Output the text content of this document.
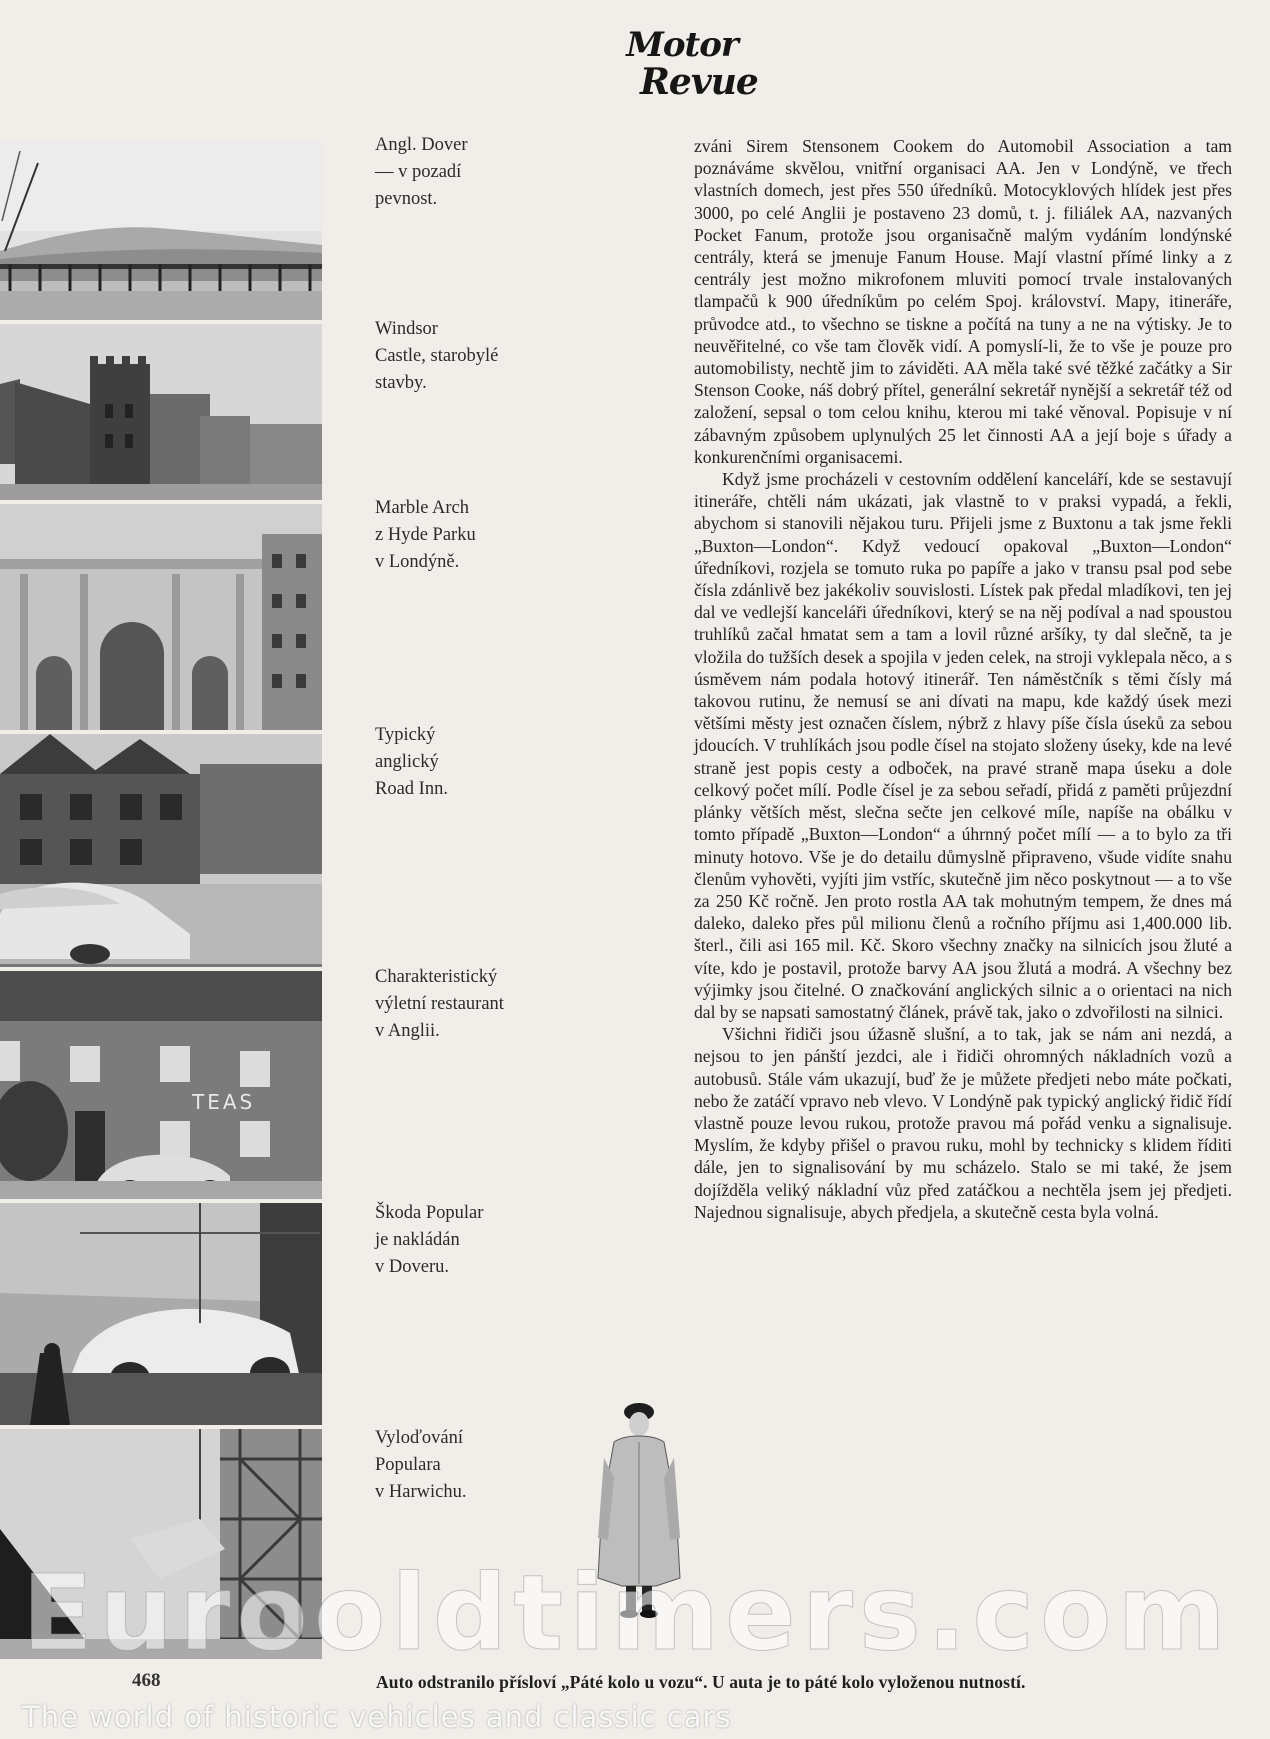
Motor
Revue
TEAS
Angl. Dover
— v pozadí
pevnost.
Windsor
Castle, starobylé
stavby.
Marble Arch
z Hyde Parku
v Londýně.
Typický
anglický
Road Inn.
Charakteristický
výletní restaurant
v Anglii.
Škoda Popular
je nakládán
v Doveru.
Vyloďování
Populara
v Harwichu.

zváni Sirem Stensonem Cookem do Automobil Association a tam poznáváme skvělou, vnitřní organisaci AA. Jen v Londýně, ve třech vlastních domech, jest přes 550 úředníků. Motocyklových hlídek jest přes 3000, po celé Anglii je postaveno 23 domů, t. j. filiálek AA, nazvaných Pocket Fanum, protože jsou organisačně malým vydáním londýnské centrály, která se jmenuje Fanum House. Mají vlastní přímé linky a z centrály jest možno mikrofonem mluviti pomocí trvale instalovaných tlampačů k 900 úředníkům po celém Spoj. království. Mapy, itineráře, průvodce atd., to všechno se tiskne a počítá na tuny a ne na výtisky. Je to neuvěřitelné, co vše tam člověk vidí. A pomyslí-li, že to vše je pouze pro automobilisty, nechtě jim to záviděti. AA měla také své těžké začátky a Sir Stenson Cooke, náš dobrý přítel, generální sekretář nynější a sekretář též od založení, sepsal o tom celou knihu, kterou mi také věnoval. Popisuje v ní zábavným způsobem uplynulých 25 let činnosti AA a její boje s úřady a konkurenčními organisacemi.

Když jsme procházeli v cestovním oddělení kanceláří, kde se sestavují itineráře, chtěli nám ukázati, jak vlastně to v praksi vypadá, a řekli, abychom si stanovili nějakou turu. Přijeli jsme z Buxtonu a tak jsme řekli „Buxton—London“. Když vedoucí opakoval „Buxton—London“ úředníkovi, rozjela se tomuto ruka po papíře a jako v transu psal pod sebe čísla zdánlivě bez jakékoliv souvislosti. Lístek pak předal mladíkovi, ten jej dal ve vedlejší kanceláři úředníkovi, který se na něj podíval a nad spoustou truhlíků začal hmatat sem a tam a lovil různé aršíky, ty dal slečně, ta je vložila do tužších desek a spojila v jeden celek, na stroji vyklepala něco, a s úsměvem nám podala hotový itinerář. Ten náměstčník s těmi čísly má takovou rutinu, že nemusí se ani dívati na mapu, kde každý úsek mezi většími městy jest označen číslem, nýbrž z hlavy píše čísla úseků za sebou jdoucích. V truhlíkách jsou podle čísel na stojato složeny úseky, kde na levé straně jest popis cesty a odboček, na pravé straně mapa úseku a dole celkový počet mílí. Podle čísel je za sebou seřadí, přidá z paměti průjezdní plánky větších měst, slečna sečte jen celkové míle, napíše na obálku v tomto případě „Buxton—London“ a úhrnný počet mílí — a to bylo za tři minuty hotovo. Vše je do detailu důmyslně připraveno, všude vidíte snahu členům vyhověti, vyjíti jim vstříc, skutečně jim něco poskytnout — a to vše za 250 Kč ročně. Jen proto rostla AA tak mohutným tempem, že dnes má daleko, daleko přes půl milionu členů a ročního příjmu asi 1,400.000 lib. šterl., čili asi 165 mil. Kč. Skoro všechny značky na silnicích jsou žluté a víte, kdo je postavil, protože barvy AA jsou žlutá a modrá. A všechny bez výjimky jsou čitelné. O značkování anglických silnic a o orientaci na nich dal by se napsati samostatný článek, právě tak, jako o zdvořilosti na silnici.

Všichni řidiči jsou úžasně slušní, a to tak, jak se nám ani nezdá, a nejsou to jen pánští jezdci, ale i řidiči ohromných nákladních vozů a autobusů. Stále vám ukazují, buď že je můžete předjeti nebo máte počkati, nebo že zatáčí vpravo neb vlevo. V Londýně pak typický anglický řidič řídí vlastně pouze levou rukou, protože pravou má pořád venku a signalisuje. Myslím, že kdyby přišel o pravou ruku, mohl by technicky s klidem říditi dále, jen to signalisování by mu scházelo. Stalo se mi také, že jsem dojížděla veliký nákladní vůz před zatáčkou a nechtěla jsem jej předjeti. Najednou signalisuje, abych předjela, a skutečně cesta byla volná.

468	Auto odstranilo přísloví „Páté kolo u vozu“. U auta je to páté kolo vyloženou nutností.
Eurooldtimers.com
The world of historic vehicles and classic cars
